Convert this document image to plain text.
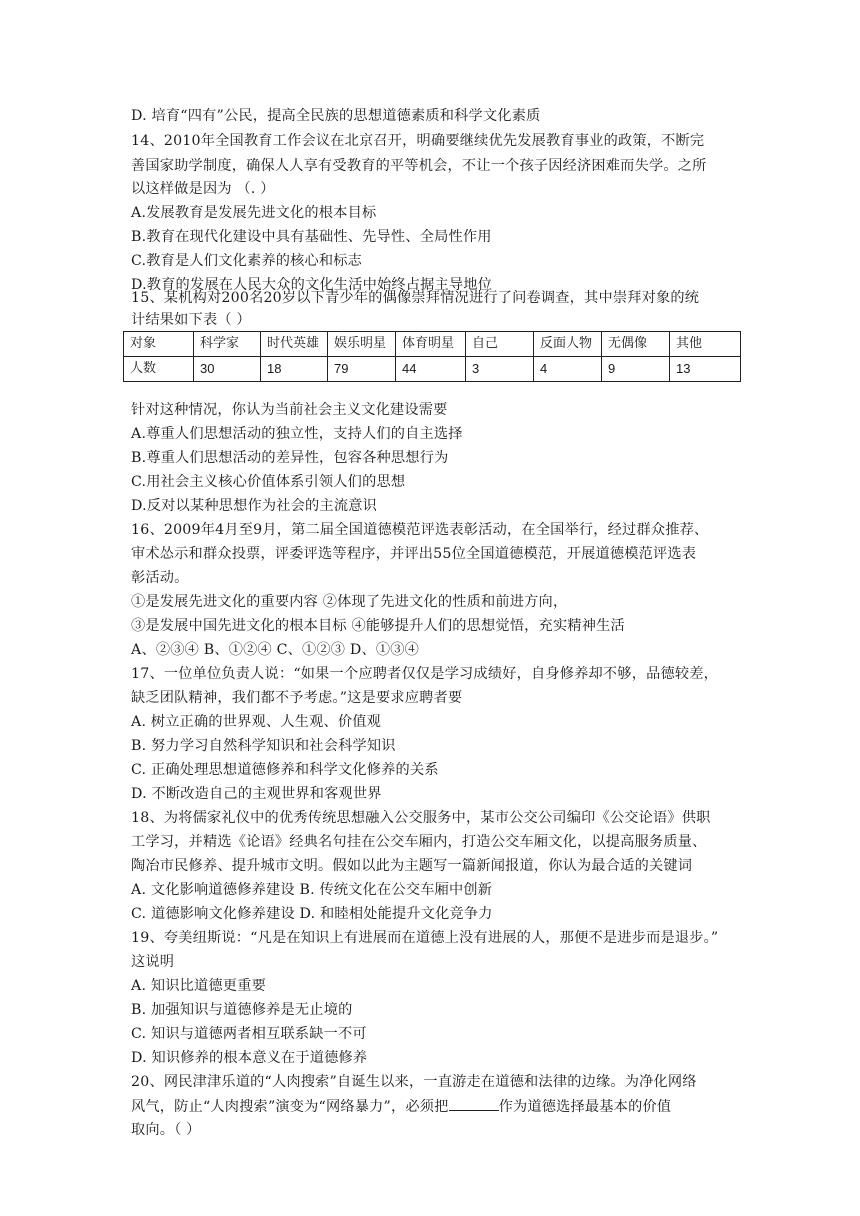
D. 培育“四有”公民，提高全民族的思想道德素质和科学文化素质
14、2010年全国教育工作会议在北京召开，明确要继续优先发展教育事业的政策，不断完
善国家助学制度，确保人人享有受教育的平等机会，不让一个孩子因经济困难而失学。之所
以这样做是因为 （. ）
A.发展教育是发展先进文化的根本目标
B.教育在现代化建设中具有基础性、先导性、全局性作用
C.教育是人们文化素养的核心和标志
D.教育的发展在人民大众的文化生活中始终占据主导地位
15、某机构对200名20岁以下青少年的偶像崇拜情况进行了问卷调查，其中崇拜对象的统
计结果如下表（ ）
对象	科学家	时代英雄	娱乐明星	体育明星	自己	反面人物	无偶像	其他
人数	30	18	79	44	3	4	9	13
针对这种情况，你认为当前社会主义文化建设需要
A.尊重人们思想活动的独立性，支持人们的自主选择
B.尊重人们思想活动的差异性，包容各种思想行为
C.用社会主义核心价值体系引领人们的思想
D.反对以某种思想作为社会的主流意识
16、2009年4月至9月，第二届全国道德模范评选表彰活动，在全国举行，经过群众推荐、
审术怂示和群众投票，评委评选等程序，并评出55位全国道德模范，开展道德模范评选表
彰活动。
①是发展先进文化的重要内容 ②体现了先进文化的性质和前进方向，
③是发展中国先进文化的根本目标 ④能够提升人们的思想觉悟，充实精神生活
A、②③④ B、①②④ C、①②③ D、①③④
17、一位单位负责人说：“如果一个应聘者仅仅是学习成绩好，自身修养却不够，品德较差，
缺乏团队精神，我们都不予考虑。”这是要求应聘者要
A. 树立正确的世界观、人生观、价值观
B. 努力学习自然科学知识和社会科学知识
C. 正确处理思想道德修养和科学文化修养的关系
D. 不断改造自己的主观世界和客观世界
18、为将儒家礼仪中的优秀传统思想融入公交服务中，某市公交公司编印《公交论语》供职
工学习，并精选《论语》经典名句挂在公交车厢内，打造公交车厢文化，以提高服务质量、
陶冶市民修养、提升城市文明。假如以此为主题写一篇新闻报道，你认为最合适的关键词
A. 文化影响道德修养建设 B. 传统文化在公交车厢中创新
C. 道德影响文化修养建设 D. 和睦相处能提升文化竞争力
19、夸美纽斯说：“凡是在知识上有进展而在道德上没有进展的人，那便不是进步而是退步。”
这说明
A. 知识比道德更重要
B. 加强知识与道德修养是无止境的
C. 知识与道德两者相互联系缺一不可
D. 知识修养的根本意义在于道德修养
20、网民津津乐道的“人肉搜索”自诞生以来，一直游走在道德和法律的边缘。为净化网络
风气，防止“人肉搜索”演变为“网络暴力”，必须把	作为道德选择最基本的价值
取向。（ ）
